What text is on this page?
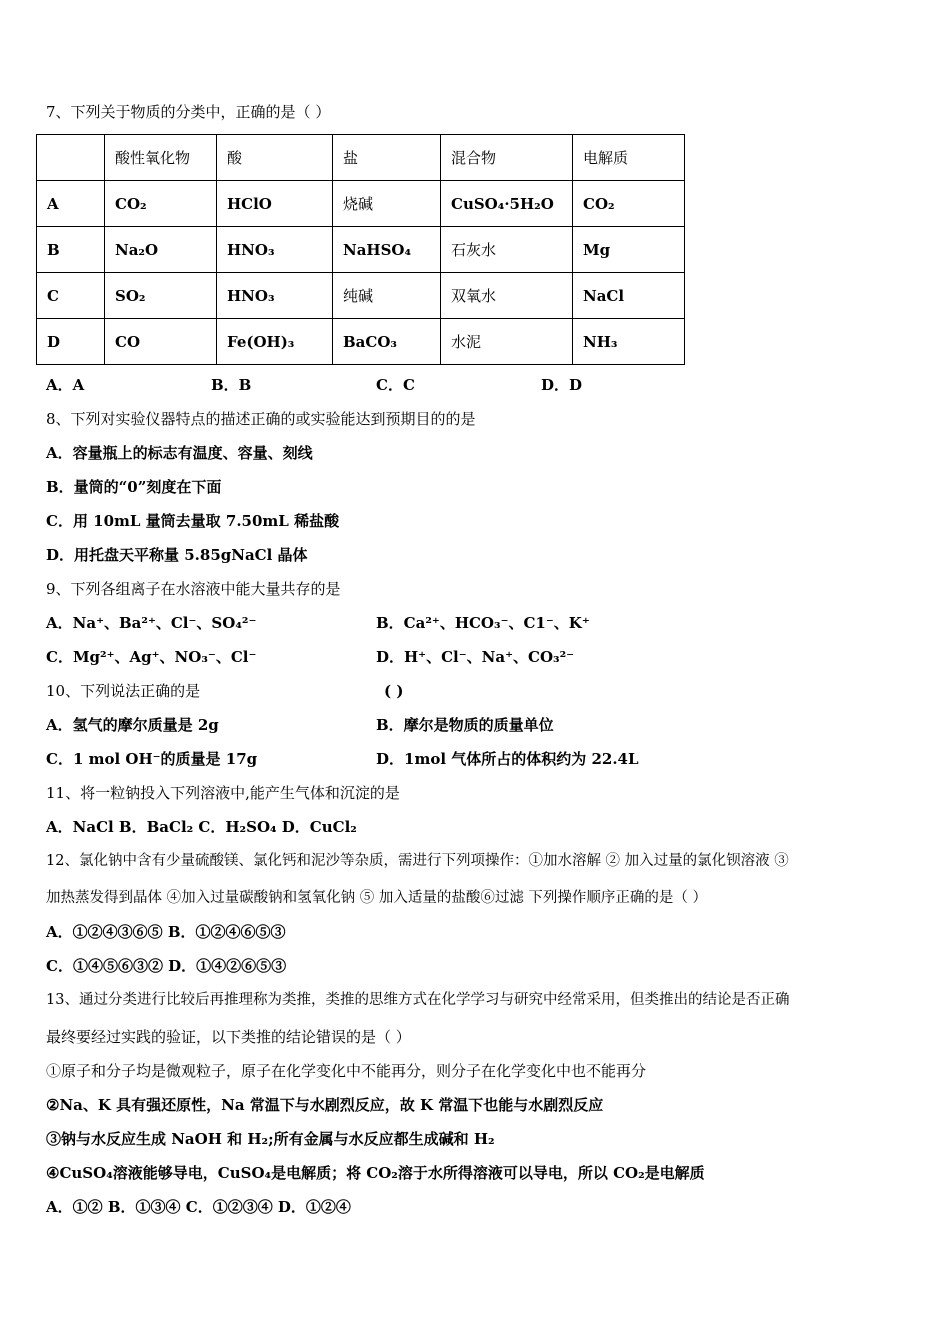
7、下列关于物质的分类中，正确的是（ ）
	酸性氧化物	酸	盐	混合物	电解质
A	CO₂	HClO	烧碱	CuSO₄·5H₂O	CO₂
B	Na₂O	HNO₃	NaHSO₄	石灰水	Mg
C	SO₂	HNO₃	纯碱	双氧水	NaCl
D	CO	Fe(OH)₃	BaCO₃	水泥	NH₃
A．A	B．B	C．C	D．D
8、下列对实验仪器特点的描述正确的或实验能达到预期目的的是
A．容量瓶上的标志有温度、容量、刻线
B．量筒的“0”刻度在下面
C．用 10mL 量筒去量取 7.50mL 稀盐酸
D．用托盘天平称量 5.85gNaCl 晶体
9、下列各组离子在水溶液中能大量共存的是
A．Na⁺、Ba²⁺、Cl⁻、SO₄²⁻	B．Ca²⁺、HCO₃⁻、C1⁻、K⁺
C．Mg²⁺、Ag⁺、NO₃⁻、Cl⁻	D．H⁺、Cl⁻、Na⁺、CO₃²⁻
10、下列说法正确的是	( )
A．氢气的摩尔质量是 2g	B．摩尔是物质的质量单位
C．1 mol OH⁻的质量是 17g	D．1mol 气体所占的体积约为 22.4L
11、将一粒钠投入下列溶液中,能产生气体和沉淀的是
A．NaCl B．BaCl₂ C．H₂SO₄ D．CuCl₂
12、氯化钠中含有少量硫酸镁、氯化钙和泥沙等杂质，需进行下列项操作：①加水溶解 ② 加入过量的氯化钡溶液 ③
加热蒸发得到晶体 ④加入过量碳酸钠和氢氧化钠 ⑤ 加入适量的盐酸⑥过滤 下列操作顺序正确的是（ ）
A．①②④③⑥⑤ B．①②④⑥⑤③
C．①④⑤⑥③② D．①④②⑥⑤③
13、通过分类进行比较后再推理称为类推，类推的思维方式在化学学习与研究中经常采用，但类推出的结论是否正确
最终要经过实践的验证，以下类推的结论错误的是（ ）
①原子和分子均是微观粒子，原子在化学变化中不能再分，则分子在化学变化中也不能再分
②Na、K 具有强还原性，Na 常温下与水剧烈反应，故 K 常温下也能与水剧烈反应
③钠与水反应生成 NaOH 和 H₂;所有金属与水反应都生成碱和 H₂
④CuSO₄溶液能够导电，CuSO₄是电解质；将 CO₂溶于水所得溶液可以导电，所以 CO₂是电解质
A．①② B．①③④ C．①②③④ D．①②④
